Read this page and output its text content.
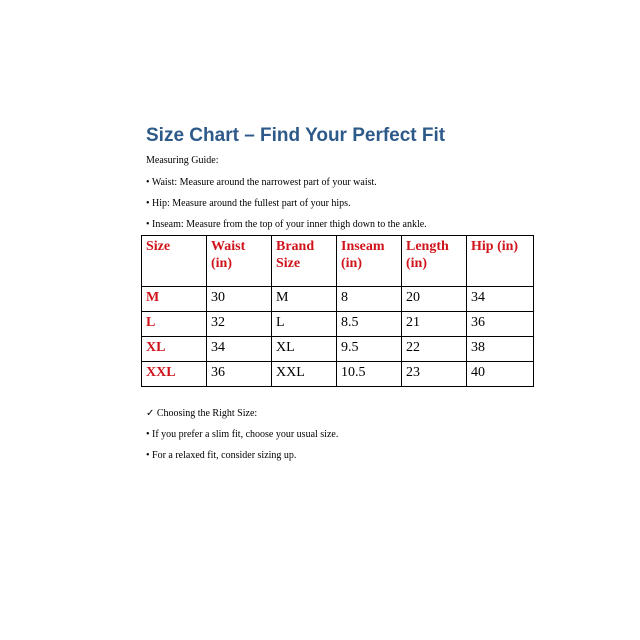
Size Chart – Find Your Perfect Fit
Measuring Guide:
• Waist: Measure around the narrowest part of your waist.
• Hip: Measure around the fullest part of your hips.
• Inseam: Measure from the top of your inner thigh down to the ankle.
Size	Waist (in)	Brand Size	Inseam (in)	Length (in)	Hip (in)
M	30	M	8	20	34
L	32	L	8.5	21	36
XL	34	XL	9.5	22	38
XXL	36	XXL	10.5	23	40
✓ Choosing the Right Size:
• If you prefer a slim fit, choose your usual size.
• For a relaxed fit, consider sizing up.
